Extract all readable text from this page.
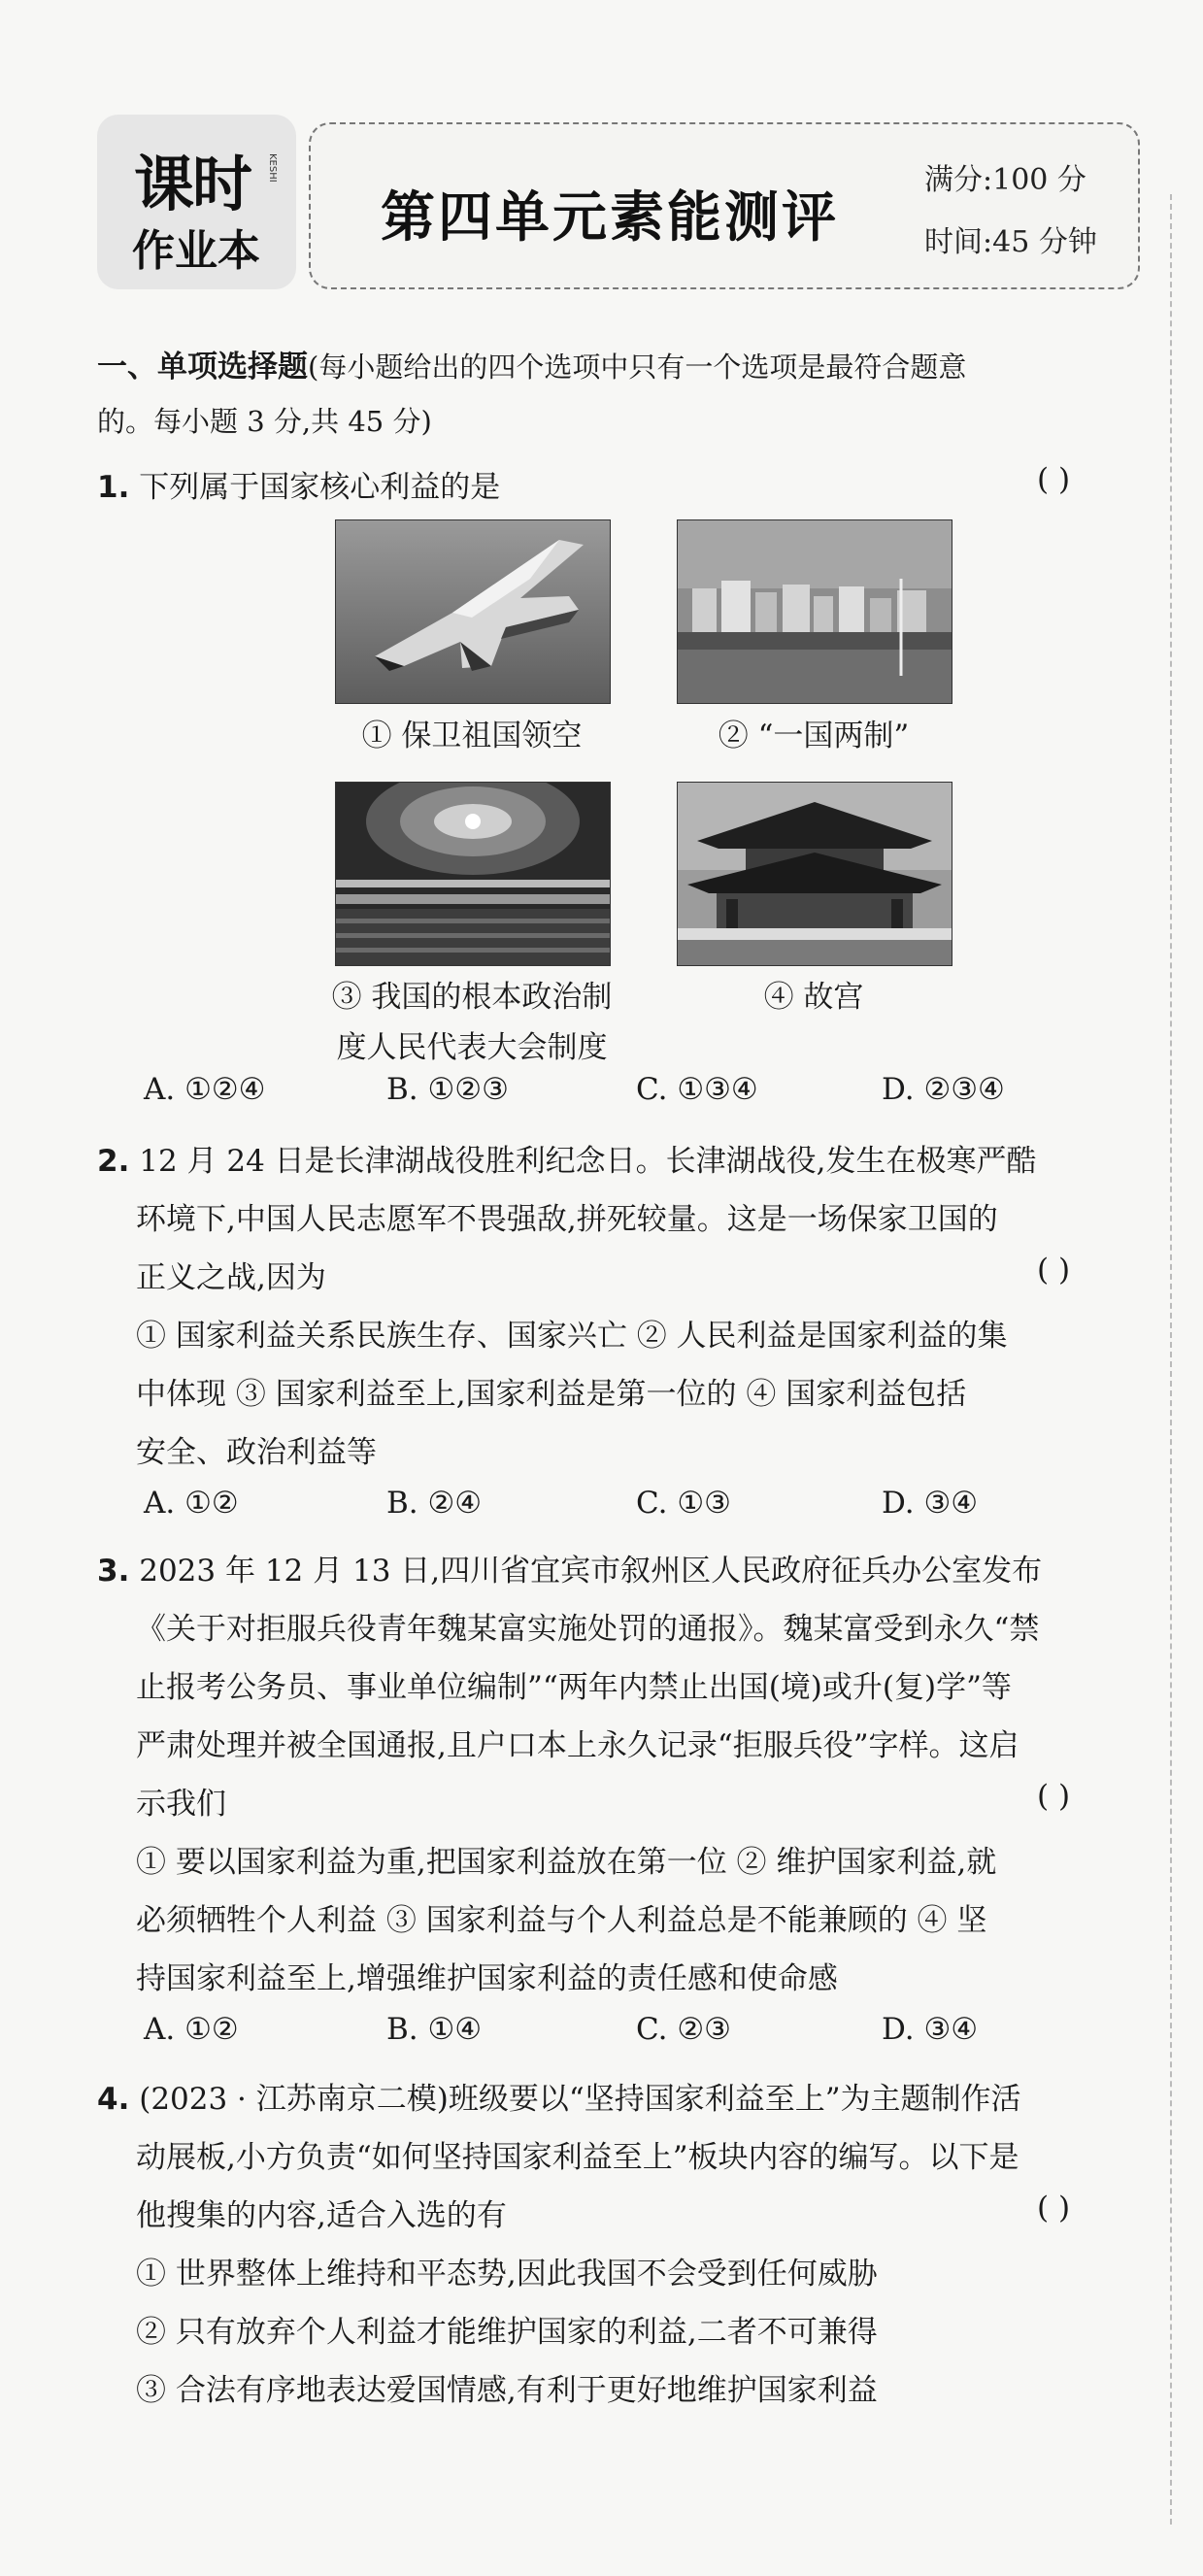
课时
作业本
KESHI
第四单元素能测评
满分:100 分
时间:45 分钟
一、单项选择题(每小题给出的四个选项中只有一个选项是最符合题意
的。每小题 3 分,共 45 分)
1. 下列属于国家核心利益的是	( )
① 保卫祖国领空	② “一国两制”
③ 我国的根本政治制
度人民代表大会制度
④ 故宫
A. ①②④	B. ①②③	C. ①③④	D. ②③④
2. 12 月 24 日是长津湖战役胜利纪念日。长津湖战役,发生在极寒严酷
环境下,中国人民志愿军不畏强敌,拼死较量。这是一场保家卫国的
正义之战,因为	( )
① 国家利益关系民族生存、国家兴亡 ② 人民利益是国家利益的集
中体现 ③ 国家利益至上,国家利益是第一位的 ④ 国家利益包括
安全、政治利益等
A. ①②	B. ②④	C. ①③	D. ③④
3. 2023 年 12 月 13 日,四川省宜宾市叙州区人民政府征兵办公室发布
《关于对拒服兵役青年魏某富实施处罚的通报》。魏某富受到永久“禁
止报考公务员、事业单位编制”“两年内禁止出国(境)或升(复)学”等
严肃处理并被全国通报,且户口本上永久记录“拒服兵役”字样。这启
示我们	( )
① 要以国家利益为重,把国家利益放在第一位 ② 维护国家利益,就
必须牺牲个人利益 ③ 国家利益与个人利益总是不能兼顾的 ④ 坚
持国家利益至上,增强维护国家利益的责任感和使命感
A. ①②	B. ①④	C. ②③	D. ③④
4. (2023 · 江苏南京二模)班级要以“坚持国家利益至上”为主题制作活
动展板,小方负责“如何坚持国家利益至上”板块内容的编写。以下是
他搜集的内容,适合入选的有	( )
① 世界整体上维持和平态势,因此我国不会受到任何威胁
② 只有放弃个人利益才能维护国家的利益,二者不可兼得
③ 合法有序地表达爱国情感,有利于更好地维护国家利益
